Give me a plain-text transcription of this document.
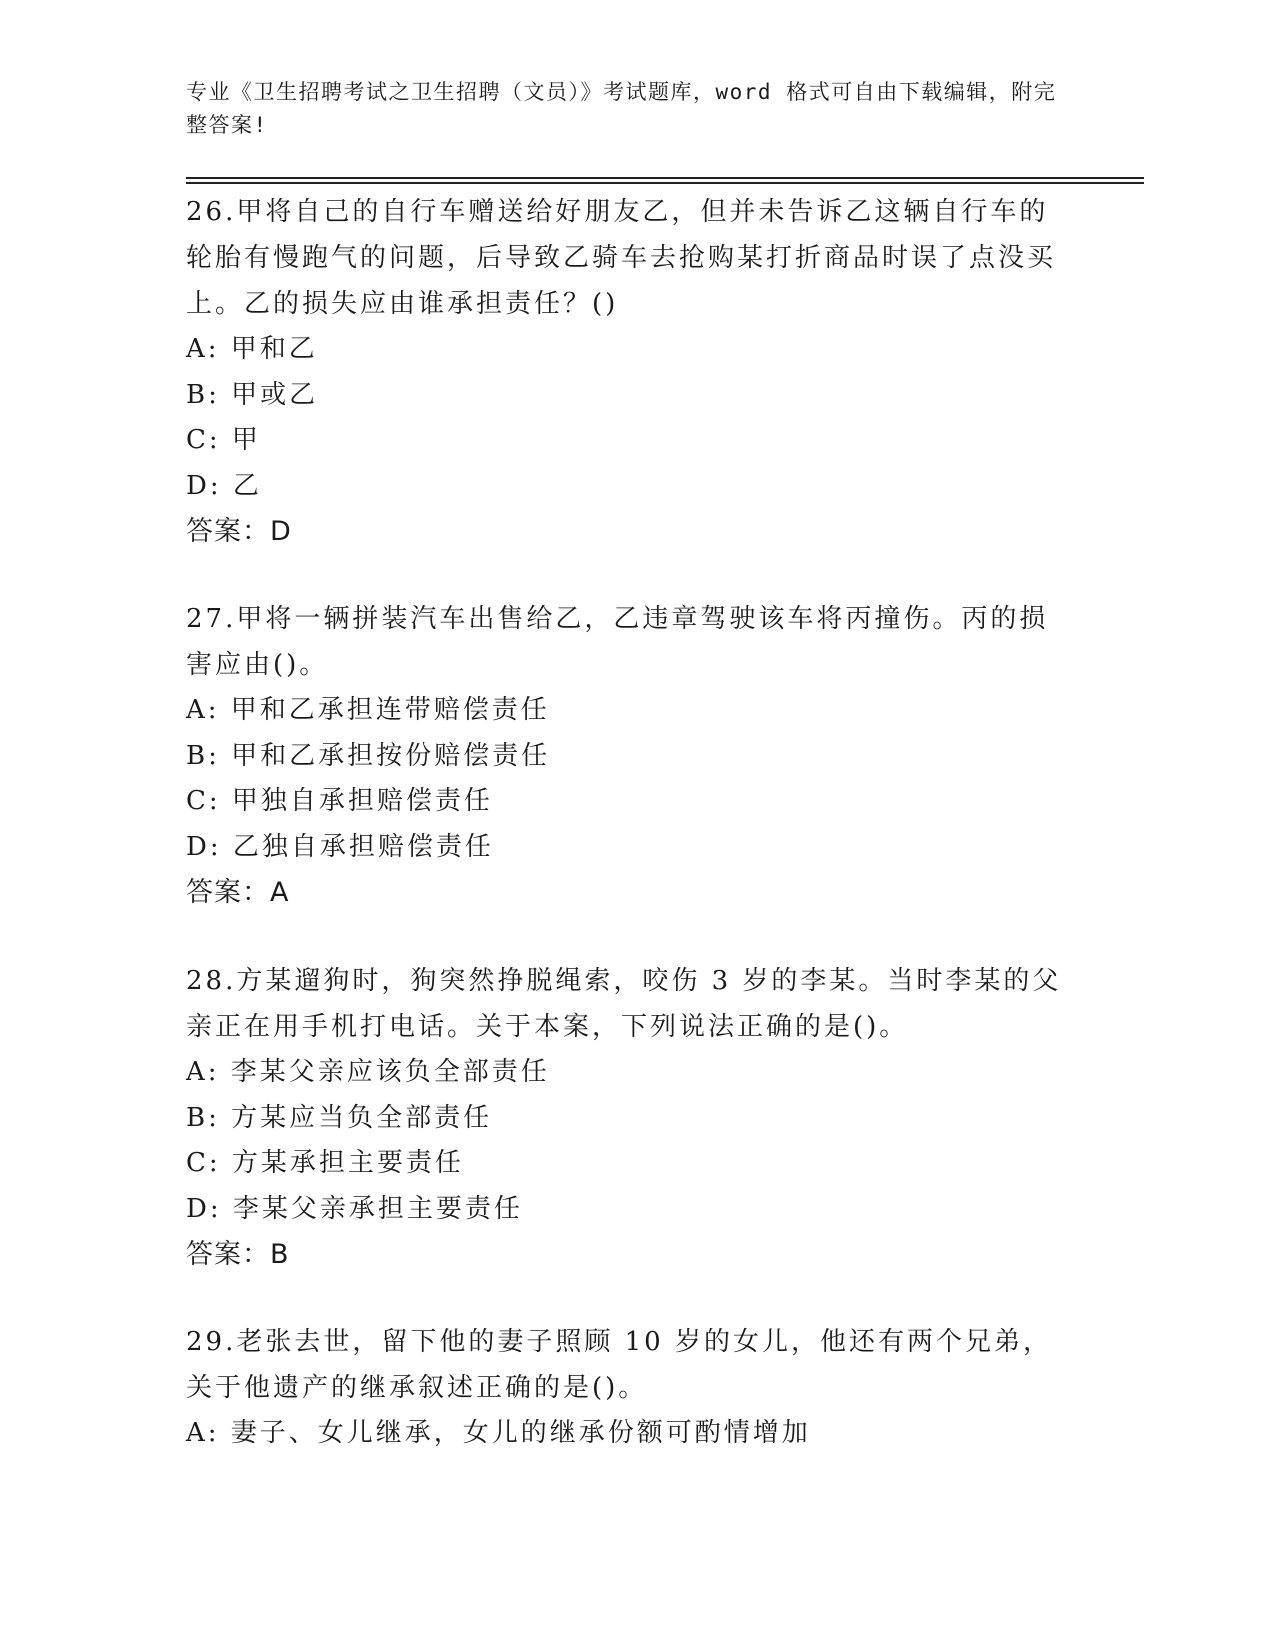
专业《卫生招聘考试之卫生招聘（文员）》考试题库，word 格式可自由下载编辑，附完整答案!

26.甲将自己的自行车赠送给好朋友乙，但并未告诉乙这辆自行车的轮胎有慢跑气的问题，后导致乙骑车去抢购某打折商品时误了点没买上。乙的损失应由谁承担责任？()

A: 甲和乙

B: 甲或乙

C: 甲

D: 乙

答案：D

27.甲将一辆拼装汽车出售给乙，乙违章驾驶该车将丙撞伤。丙的损害应由()。

A: 甲和乙承担连带赔偿责任

B: 甲和乙承担按份赔偿责任

C: 甲独自承担赔偿责任

D: 乙独自承担赔偿责任

答案：A

28.方某遛狗时，狗突然挣脱绳索，咬伤 3 岁的李某。当时李某的父亲正在用手机打电话。关于本案，下列说法正确的是()。

A: 李某父亲应该负全部责任

B: 方某应当负全部责任

C: 方某承担主要责任

D: 李某父亲承担主要责任

答案：B

29.老张去世，留下他的妻子照顾 10 岁的女儿，他还有两个兄弟，关于他遗产的继承叙述正确的是()。

A: 妻子、女儿继承，女儿的继承份额可酌情增加
